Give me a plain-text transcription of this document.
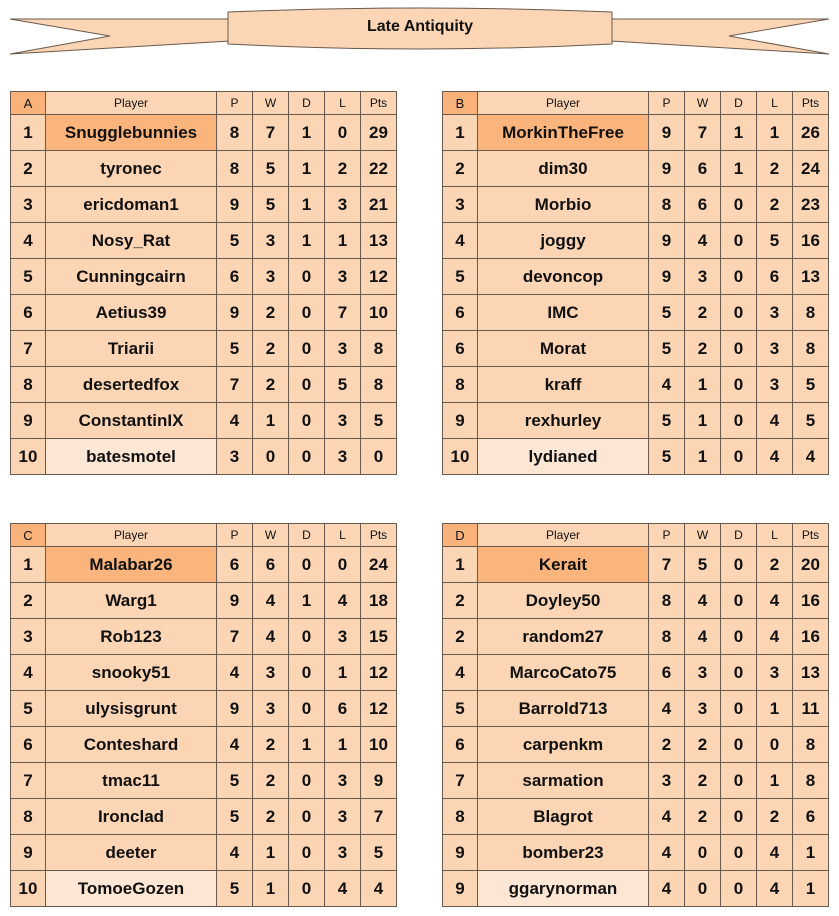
Late Antiquity
A	Player	P	W	D	L	Pts
1	Snugglebunnies	8	7	1	0	29
2	tyronec	8	5	1	2	22
3	ericdoman1	9	5	1	3	21
4	Nosy_Rat	5	3	1	1	13
5	Cunningcairn	6	3	0	3	12
6	Aetius39	9	2	0	7	10
7	Triarii	5	2	0	3	8
8	desertedfox	7	2	0	5	8
9	ConstantinIX	4	1	0	3	5
10	batesmotel	3	0	0	3	0
B	Player	P	W	D	L	Pts
1	MorkinTheFree	9	7	1	1	26
2	dim30	9	6	1	2	24
3	Morbio	8	6	0	2	23
4	joggy	9	4	0	5	16
5	devoncop	9	3	0	6	13
6	IMC	5	2	0	3	8
6	Morat	5	2	0	3	8
8	kraff	4	1	0	3	5
9	rexhurley	5	1	0	4	5
10	lydianed	5	1	0	4	4
C	Player	P	W	D	L	Pts
1	Malabar26	6	6	0	0	24
2	Warg1	9	4	1	4	18
3	Rob123	7	4	0	3	15
4	snooky51	4	3	0	1	12
5	ulysisgrunt	9	3	0	6	12
6	Conteshard	4	2	1	1	10
7	tmac11	5	2	0	3	9
8	Ironclad	5	2	0	3	7
9	deeter	4	1	0	3	5
10	TomoeGozen	5	1	0	4	4
D	Player	P	W	D	L	Pts
1	Kerait	7	5	0	2	20
2	Doyley50	8	4	0	4	16
2	random27	8	4	0	4	16
4	MarcoCato75	6	3	0	3	13
5	Barrold713	4	3	0	1	11
6	carpenkm	2	2	0	0	8
7	sarmation	3	2	0	1	8
8	Blagrot	4	2	0	2	6
9	bomber23	4	0	0	4	1
9	ggarynorman	4	0	0	4	1
